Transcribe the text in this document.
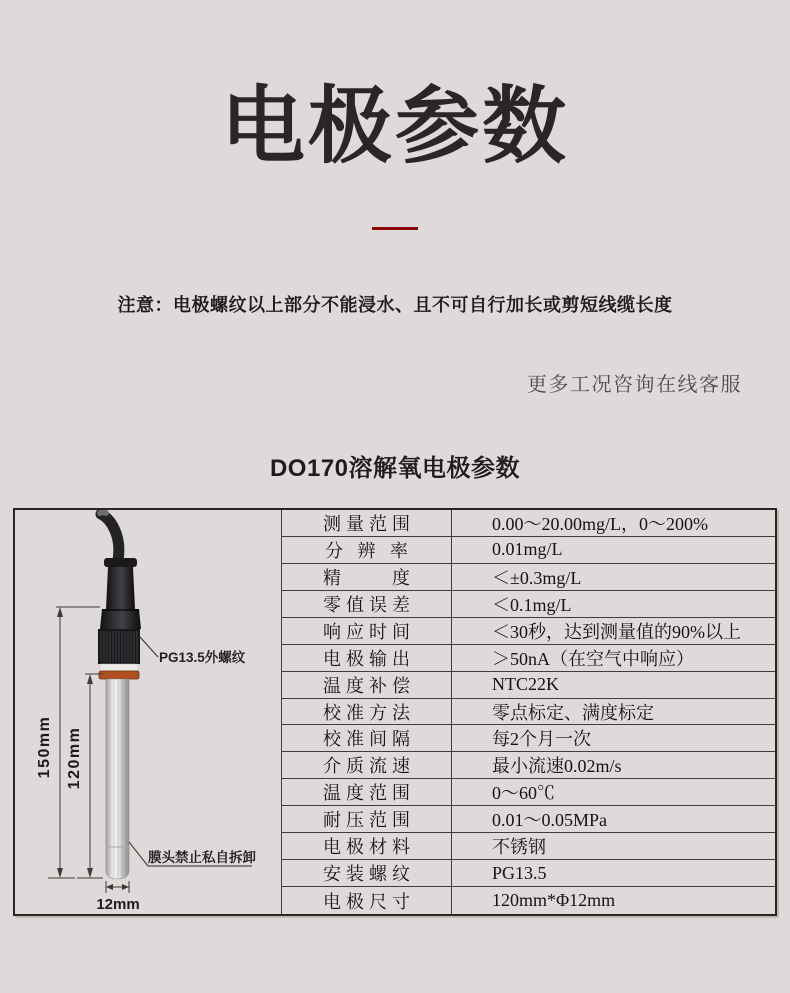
电极参数

注意：电极螺纹以上部分不能浸水、且不可自行加长或剪短线缆长度

更多工况咨询在线客服

DO170溶解氧电极参数
150mm 120mm
12mm
PG13.5外螺纹
膜头禁止私自拆卸
测量范围	0.00～20.00mg/L，0～200%
分 辨 率	0.01mg/L
精　　度	＜±0.3mg/L
零值误差	＜0.1mg/L
响应时间	＜30秒，达到测量值的90%以上
电极输出	＞50nA（在空气中响应）
温度补偿	NTC22K
校准方法	零点标定、满度标定
校准间隔	每2个月一次
介质流速	最小流速0.02m/s
温度范围	0～60℃
耐压范围	0.01～0.05MPa
电极材料	不锈钢
安装螺纹	PG13.5
电极尺寸	120mm*Φ12mm
